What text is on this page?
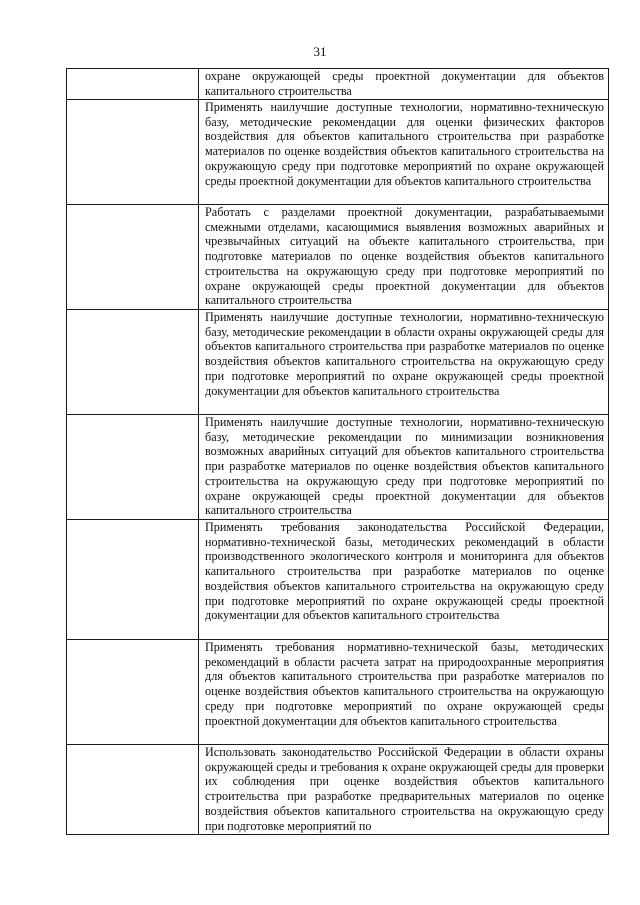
31

	охране окружающей среды проектной документации для объектов капитального строительства

	Применять наилучшие доступные технологии, нормативно-техническую базу, методические рекомендации для оценки физических факторов воздействия для объектов капитального строительства при разработке материалов по оценке воздействия объектов капитального строительства на окружающую среду при подготовке мероприятий по охране окружающей среды проектной документации для объектов капитального строительства

	Работать с разделами проектной документации, разрабатываемыми смежными отделами, касающимися выявления возможных аварийных и чрезвычайных ситуаций на объекте капитального строительства, при подготовке материалов по оценке воздействия объектов капитального строительства на окружающую среду при подготовке мероприятий по охране окружающей среды проектной документации для объектов капитального строительства

	Применять наилучшие доступные технологии, нормативно-техническую базу, методические рекомендации в области охраны окружающей среды для объектов капитального строительства при разработке материалов по оценке воздействия объектов капитального строительства на окружающую среду при подготовке мероприятий по охране окружающей среды проектной документации для объектов капитального строительства

	Применять наилучшие доступные технологии, нормативно-техническую базу, методические рекомендации по минимизации возникновения возможных аварийных ситуаций для объектов капитального строительства при разработке материалов по оценке воздействия объектов капитального строительства на окружающую среду при подготовке мероприятий по охране окружающей среды проектной документации для объектов капитального строительства

	Применять требования законодательства Российской Федерации, нормативно-технической базы, методических рекомендаций в области производственного экологического контроля и мониторинга для объектов капитального строительства при разработке материалов по оценке воздействия объектов капитального строительства на окружающую среду при подготовке мероприятий по охране окружающей среды проектной документации для объектов капитального строительства

	Применять требования нормативно-технической базы, методических рекомендаций в области расчета затрат на природоохранные мероприятия для объектов капитального строительства при разработке материалов по оценке воздействия объектов капитального строительства на окружающую среду при подготовке мероприятий по охране окружающей среды проектной документации для объектов капитального строительства

	Использовать законодательство Российской Федерации в области охраны окружающей среды и требования к охране окружающей среды для проверки их соблюдения при оценке воздействия объектов капитального строительства при разработке предварительных материалов по оценке воздействия объектов капитального строительства на окружающую среду при подготовке мероприятий по
